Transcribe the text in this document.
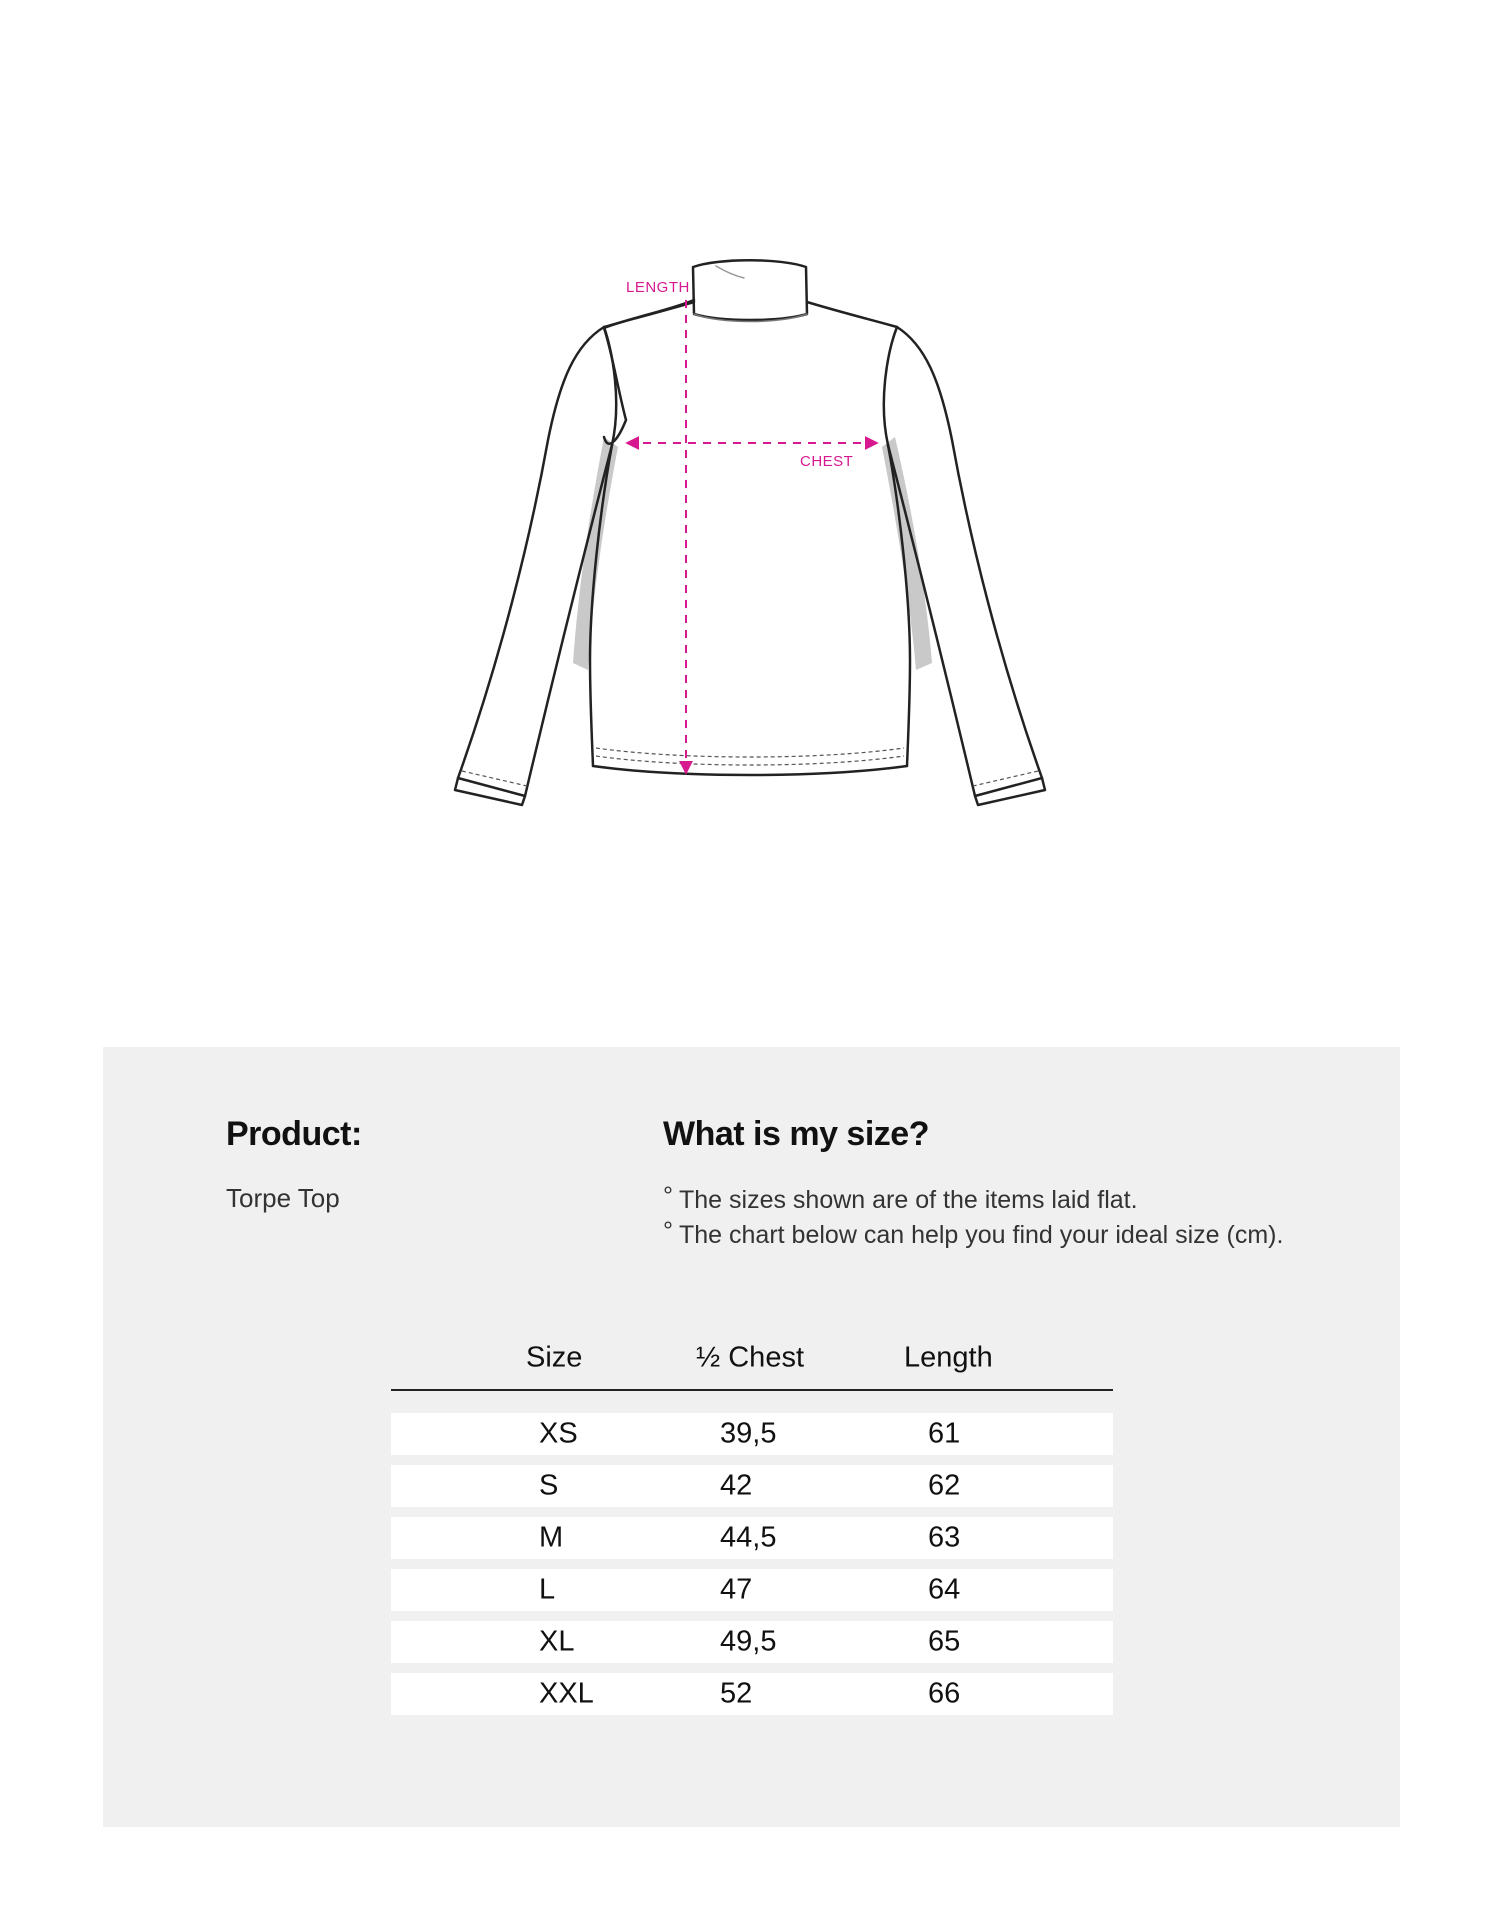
LENGTH
CHEST
Product:

Torpe Top

What is my size?
° The sizes shown are of the items laid flat.
° The chart below can help you find your ideal size (cm).
Size	½ Chest	Length
XS	39,5	61
S	42	62
M	44,5	63
L	47	64
XL	49,5	65
XXL	52	66
